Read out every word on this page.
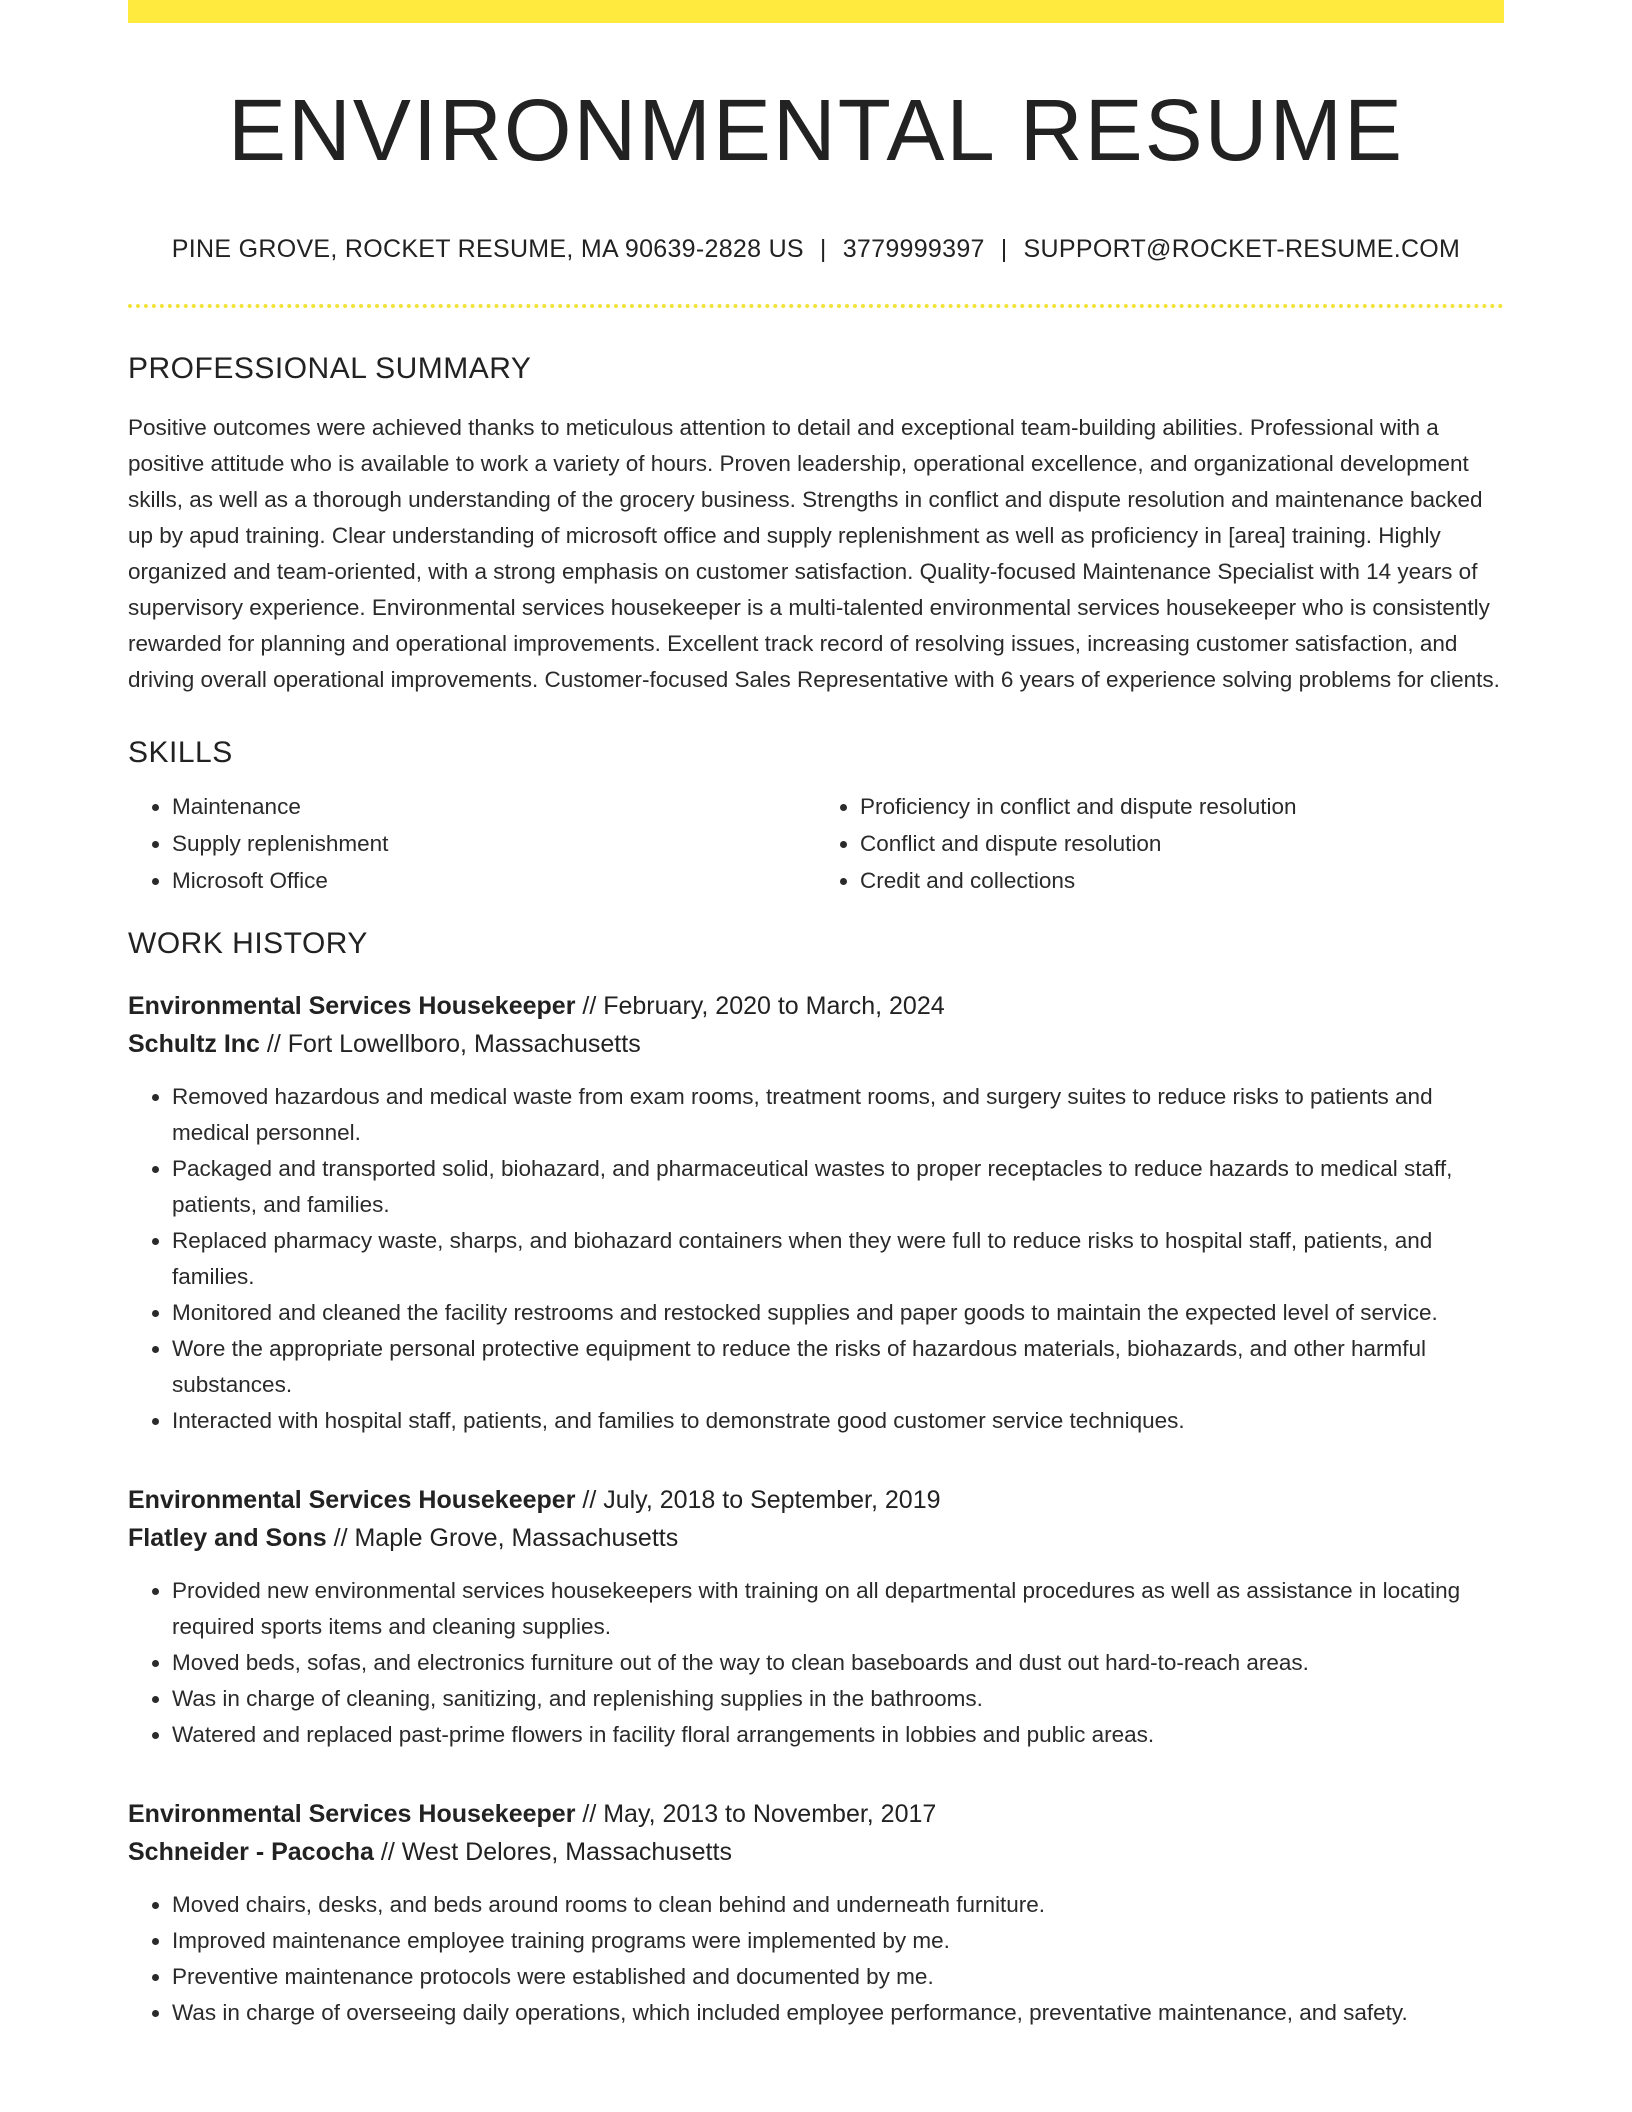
ENVIRONMENTAL RESUME
PINE GROVE, ROCKET RESUME, MA 90639-2828 US | 3779999397 | SUPPORT@ROCKET-RESUME.COM
PROFESSIONAL SUMMARY

Positive outcomes were achieved thanks to meticulous attention to detail and exceptional team-building abilities. Professional with a positive attitude who is available to work a variety of hours. Proven leadership, operational excellence, and organizational development skills, as well as a thorough understanding of the grocery business. Strengths in conflict and dispute resolution and maintenance backed up by apud training. Clear understanding of microsoft office and supply replenishment as well as proficiency in [area] training. Highly organized and team-oriented, with a strong emphasis on customer satisfaction. Quality-focused Maintenance Specialist with 14 years of supervisory experience. Environmental services housekeeper is a multi-talented environmental services housekeeper who is consistently rewarded for planning and operational improvements. Excellent track record of resolving issues, increasing customer satisfaction, and driving overall operational improvements. Customer-focused Sales Representative with 6 years of experience solving problems for clients.

SKILLS
• Maintenance
• Supply replenishment
• Microsoft Office
• Proficiency in conflict and dispute resolution
• Conflict and dispute resolution
• Credit and collections
WORK HISTORY
Environmental Services Housekeeper // February, 2020 to March, 2024
Schultz Inc // Fort Lowellboro, Massachusetts
• Removed hazardous and medical waste from exam rooms, treatment rooms, and surgery suites to reduce risks to patients and medical personnel.
• Packaged and transported solid, biohazard, and pharmaceutical wastes to proper receptacles to reduce hazards to medical staff, patients, and families.
• Replaced pharmacy waste, sharps, and biohazard containers when they were full to reduce risks to hospital staff, patients, and families.
• Monitored and cleaned the facility restrooms and restocked supplies and paper goods to maintain the expected level of service.
• Wore the appropriate personal protective equipment to reduce the risks of hazardous materials, biohazards, and other harmful substances.
• Interacted with hospital staff, patients, and families to demonstrate good customer service techniques.
Environmental Services Housekeeper // July, 2018 to September, 2019
Flatley and Sons // Maple Grove, Massachusetts
• Provided new environmental services housekeepers with training on all departmental procedures as well as assistance in locating required sports items and cleaning supplies.
• Moved beds, sofas, and electronics furniture out of the way to clean baseboards and dust out hard-to-reach areas.
• Was in charge of cleaning, sanitizing, and replenishing supplies in the bathrooms.
• Watered and replaced past-prime flowers in facility floral arrangements in lobbies and public areas.
Environmental Services Housekeeper // May, 2013 to November, 2017
Schneider - Pacocha // West Delores, Massachusetts
• Moved chairs, desks, and beds around rooms to clean behind and underneath furniture.
• Improved maintenance employee training programs were implemented by me.
• Preventive maintenance protocols were established and documented by me.
• Was in charge of overseeing daily operations, which included employee performance, preventative maintenance, and safety.
